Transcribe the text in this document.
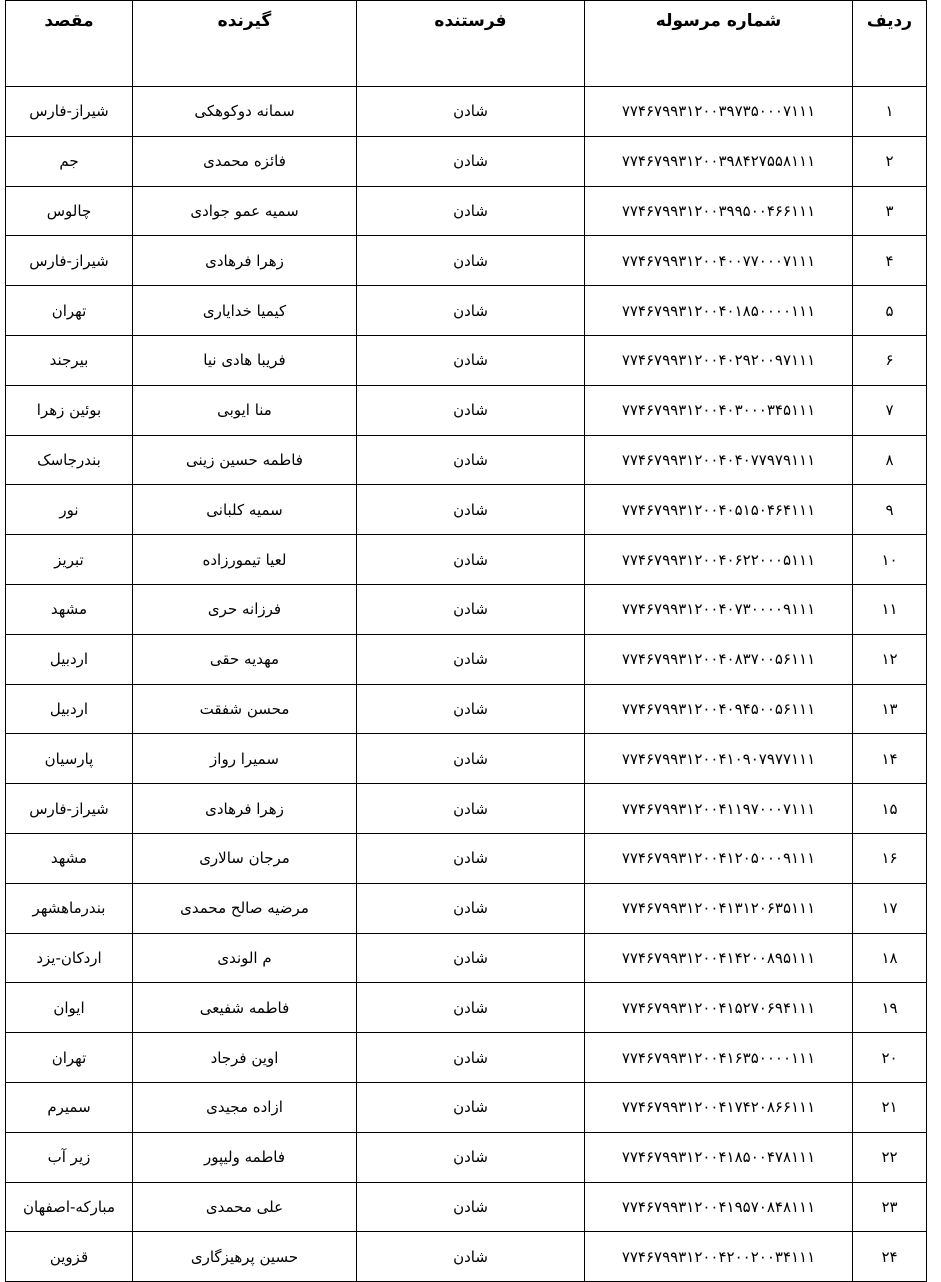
ردیف	شماره مرسوله	فرستنده	گیرنده	مقصد
۱	۷۷۴۶۷۹۹۳۱۲۰۰۳۹۷۳۵۰۰۰۷۱۱۱	شادن	سمانه دوکوهکی	شیراز-فارس
۲	۷۷۴۶۷۹۹۳۱۲۰۰۳۹۸۴۲۷۵۵۸۱۱۱	شادن	فائزه محمدی	جم
۳	۷۷۴۶۷۹۹۳۱۲۰۰۳۹۹۵۰۰۴۶۶۱۱۱	شادن	سمیه عمو جوادی	چالوس
۴	۷۷۴۶۷۹۹۳۱۲۰۰۴۰۰۷۷۰۰۰۷۱۱۱	شادن	زهرا فرهادی	شیراز-فارس
۵	۷۷۴۶۷۹۹۳۱۲۰۰۴۰۱۸۵۰۰۰۰۱۱۱	شادن	کیمیا خدایاری	تهران
۶	۷۷۴۶۷۹۹۳۱۲۰۰۴۰۲۹۲۰۰۹۷۱۱۱	شادن	فریبا هادی نیا	بیرجند
۷	۷۷۴۶۷۹۹۳۱۲۰۰۴۰۳۰۰۰۳۴۵۱۱۱	شادن	منا ایوبی	بوئین زهرا
۸	۷۷۴۶۷۹۹۳۱۲۰۰۴۰۴۰۷۷۹۷۹۱۱۱	شادن	فاطمه حسین زینی	بندرجاسک
۹	۷۷۴۶۷۹۹۳۱۲۰۰۴۰۵۱۵۰۴۶۴۱۱۱	شادن	سمیه کلبانی	نور
۱۰	۷۷۴۶۷۹۹۳۱۲۰۰۴۰۶۲۲۰۰۰۵۱۱۱	شادن	لعیا تیمورزاده	تبریز
۱۱	۷۷۴۶۷۹۹۳۱۲۰۰۴۰۷۳۰۰۰۰۹۱۱۱	شادن	فرزانه حری	مشهد
۱۲	۷۷۴۶۷۹۹۳۱۲۰۰۴۰۸۳۷۰۰۵۶۱۱۱	شادن	مهدیه حقی	اردبیل
۱۳	۷۷۴۶۷۹۹۳۱۲۰۰۴۰۹۴۵۰۰۵۶۱۱۱	شادن	محسن شفقت	اردبیل
۱۴	۷۷۴۶۷۹۹۳۱۲۰۰۴۱۰۹۰۷۹۷۷۱۱۱	شادن	سمیرا رواز	پارسیان
۱۵	۷۷۴۶۷۹۹۳۱۲۰۰۴۱۱۹۷۰۰۰۷۱۱۱	شادن	زهرا فرهادی	شیراز-فارس
۱۶	۷۷۴۶۷۹۹۳۱۲۰۰۴۱۲۰۵۰۰۰۹۱۱۱	شادن	مرجان سالاری	مشهد
۱۷	۷۷۴۶۷۹۹۳۱۲۰۰۴۱۳۱۲۰۶۳۵۱۱۱	شادن	مرضیه صالح محمدی	بندرماهشهر
۱۸	۷۷۴۶۷۹۹۳۱۲۰۰۴۱۴۲۰۰۸۹۵۱۱۱	شادن	م الوندی	اردکان-یزد
۱۹	۷۷۴۶۷۹۹۳۱۲۰۰۴۱۵۲۷۰۶۹۴۱۱۱	شادن	فاطمه شفیعی	ایوان
۲۰	۷۷۴۶۷۹۹۳۱۲۰۰۴۱۶۳۵۰۰۰۰۱۱۱	شادن	اوین فرجاد	تهران
۲۱	۷۷۴۶۷۹۹۳۱۲۰۰۴۱۷۴۲۰۸۶۶۱۱۱	شادن	ازاده مجیدی	سمیرم
۲۲	۷۷۴۶۷۹۹۳۱۲۰۰۴۱۸۵۰۰۴۷۸۱۱۱	شادن	فاطمه ولیپور	زیر آب
۲۳	۷۷۴۶۷۹۹۳۱۲۰۰۴۱۹۵۷۰۸۴۸۱۱۱	شادن	علی محمدی	مبارکه-اصفهان
۲۴	۷۷۴۶۷۹۹۳۱۲۰۰۴۲۰۰۲۰۰۳۴۱۱۱	شادن	حسین پرهیزگاری	قزوین
